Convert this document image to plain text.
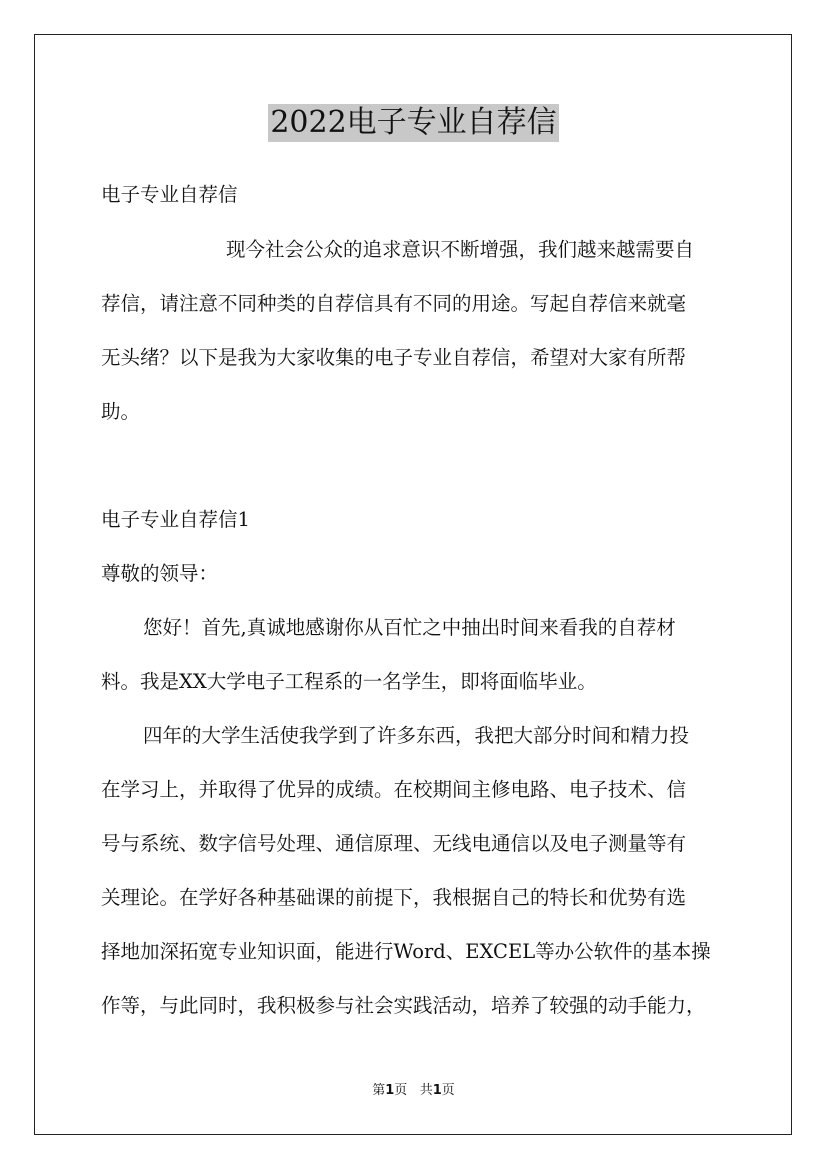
2022电子专业自荐信
电子专业自荐信
现今社会公众的追求意识不断增强，我们越来越需要自
荐信，请注意不同种类的自荐信具有不同的用途。写起自荐信来就毫
无头绪？以下是我为大家收集的电子专业自荐信，希望对大家有所帮
助。
电子专业自荐信1
尊敬的领导：
您好！首先,真诚地感谢你从百忙之中抽出时间来看我的自荐材
料。我是XX大学电子工程系的一名学生，即将面临毕业。
四年的大学生活使我学到了许多东西，我把大部分时间和精力投
在学习上，并取得了优异的成绩。在校期间主修电路、电子技术、信
号与系统、数字信号处理、通信原理、无线电通信以及电子测量等有
关理论。在学好各种基础课的前提下，我根据自己的特长和优势有选
择地加深拓宽专业知识面，能进行Word、EXCEL等办公软件的基本操
作等，与此同时，我积极参与社会实践活动，培养了较强的动手能力，
第1页 共1页
